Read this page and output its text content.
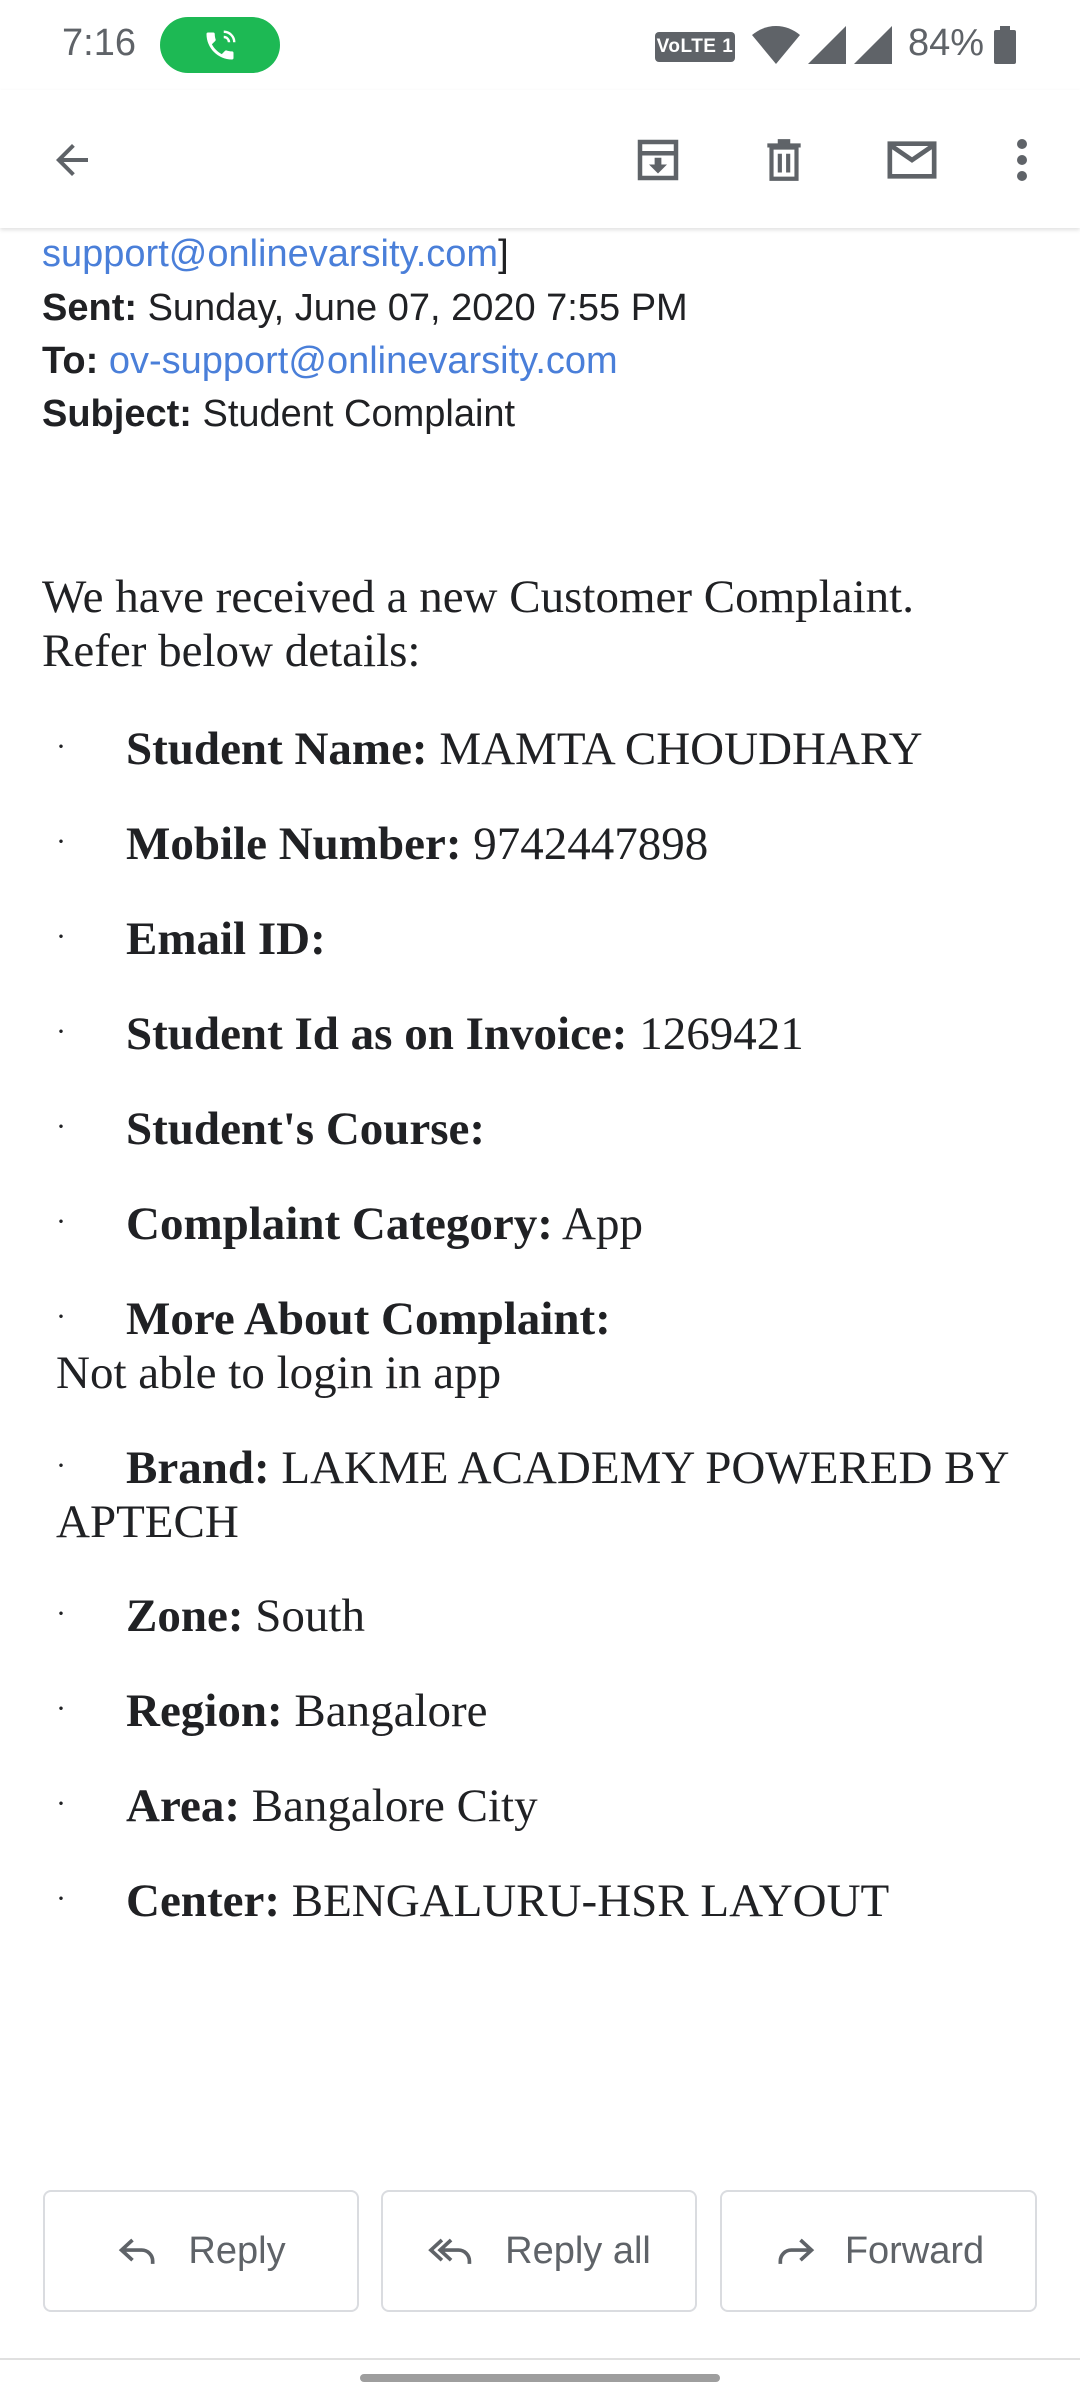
7:16	VoLTE 1	84%
support@onlinevarsity.com]
Sent: Sunday, June 07, 2020 7:55 PM
To: ov-support@onlinevarsity.com
Subject: Student Complaint
We have received a new Customer Complaint.
Refer below details:
·	Student Name: MAMTA CHOUDHARY
·	Mobile Number: 9742447898
·	Email ID:
·	Student Id as on Invoice: 1269421
·	Student's Course:
·	Complaint Category: App
·	More About Complaint:
Not able to login in app
·	Brand: LAKME ACADEMY POWERED BY
APTECH
·	Zone: South
·	Region: Bangalore
·	Area: Bangalore City
·	Center: BENGALURU-HSR LAYOUT
Reply	Reply all	Forward
